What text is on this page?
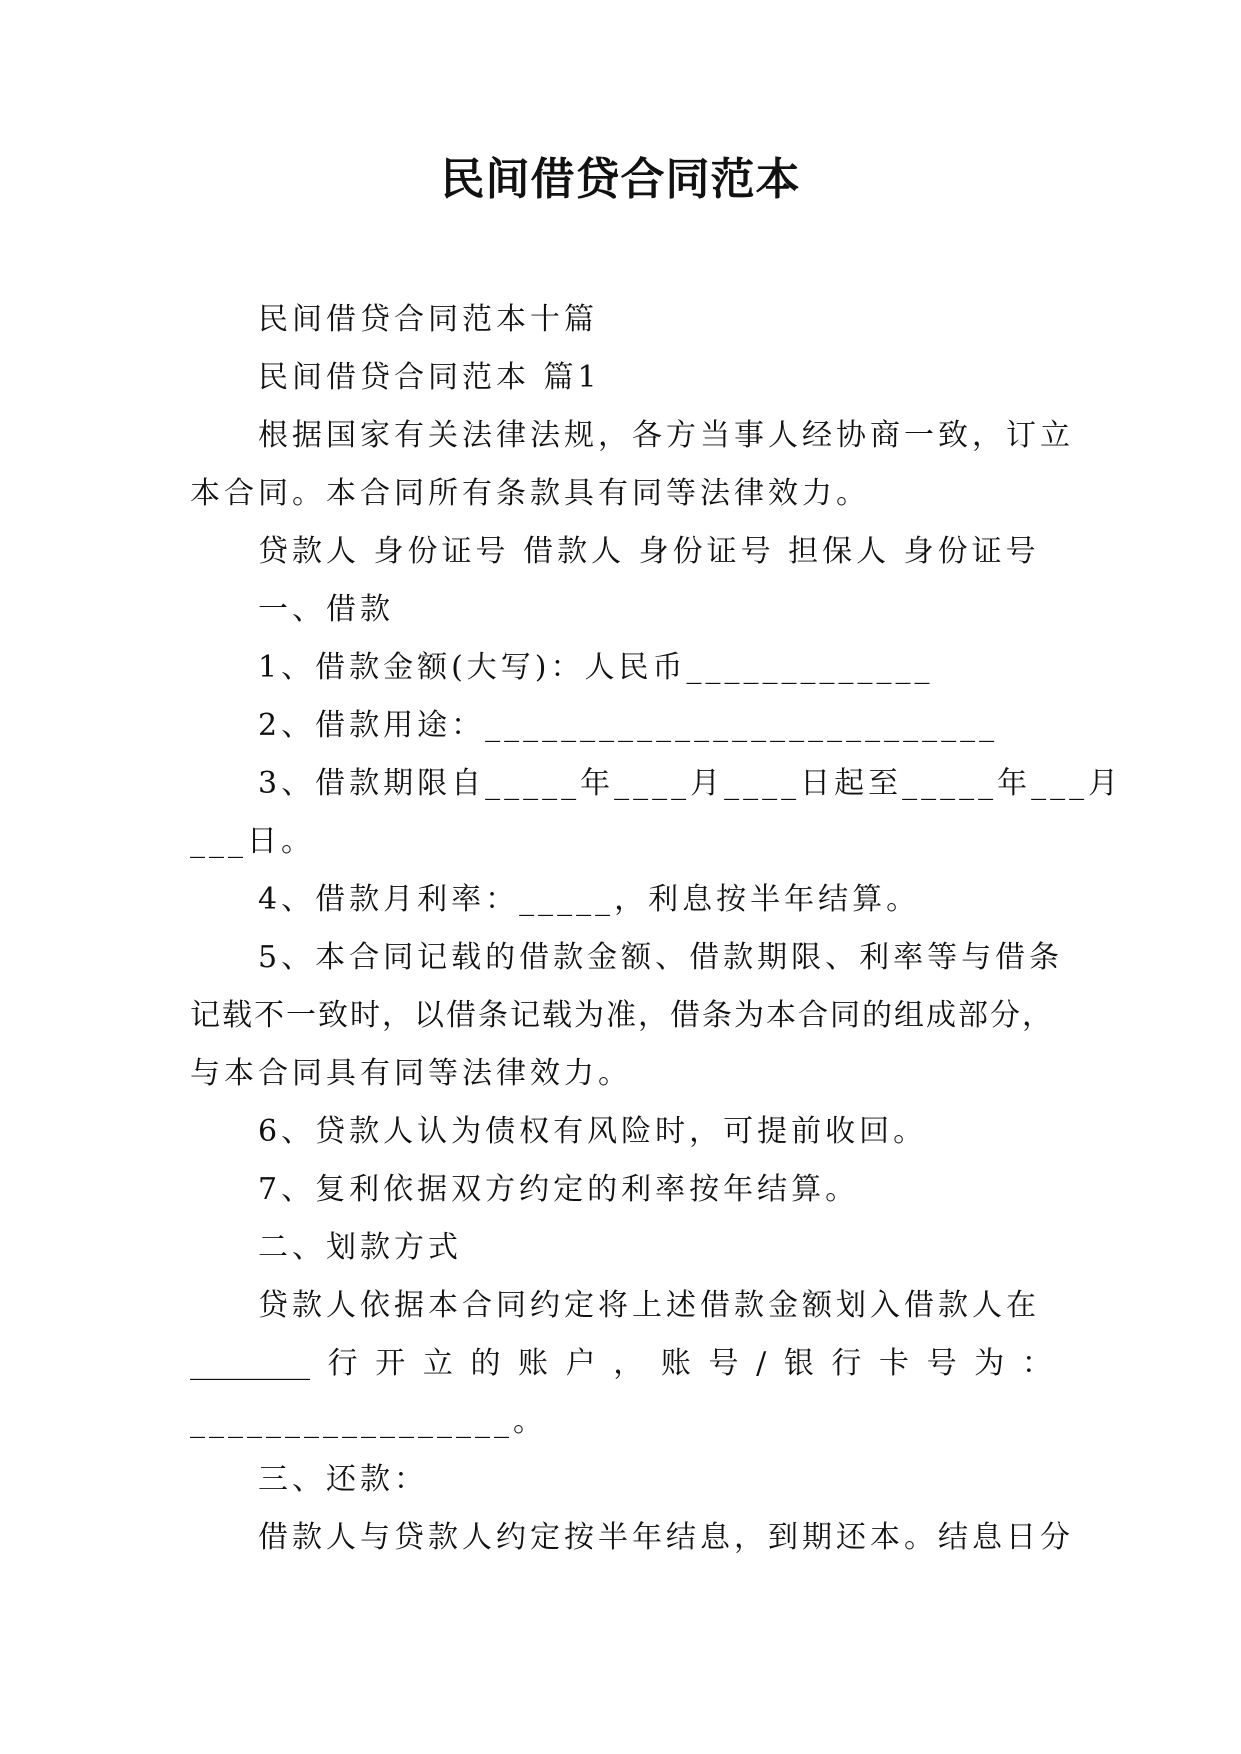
民间借贷合同范本
民间借贷合同范本十篇
民间借贷合同范本 篇1
根据国家有关法律法规，各方当事人经协商一致，订立
本合同。本合同所有条款具有同等法律效力。
贷款人 身份证号 借款人 身份证号 担保人 身份证号
一、借款
1、借款金额(大写)：人民币_____________
2、借款用途：___________________________
3、借款期限自_____年____月____日起至_____年___月
___日。
4、借款月利率：_____，利息按半年结算。
5、本合同记载的借款金额、借款期限、利率等与借条
记载不一致时，以借条记载为准，借条为本合同的组成部分，
与本合同具有同等法律效力。
6、贷款人认为债权有风险时，可提前收回。
7、复利依据双方约定的利率按年结算。
二、划款方式
贷款人依据本合同约定将上述借款金额划入借款人在
________ 行 开 立 的 账 户 ， 账 号 / 银 行 卡 号 为 ：
_________________。
三、还款：
借款人与贷款人约定按半年结息，到期还本。结息日分
